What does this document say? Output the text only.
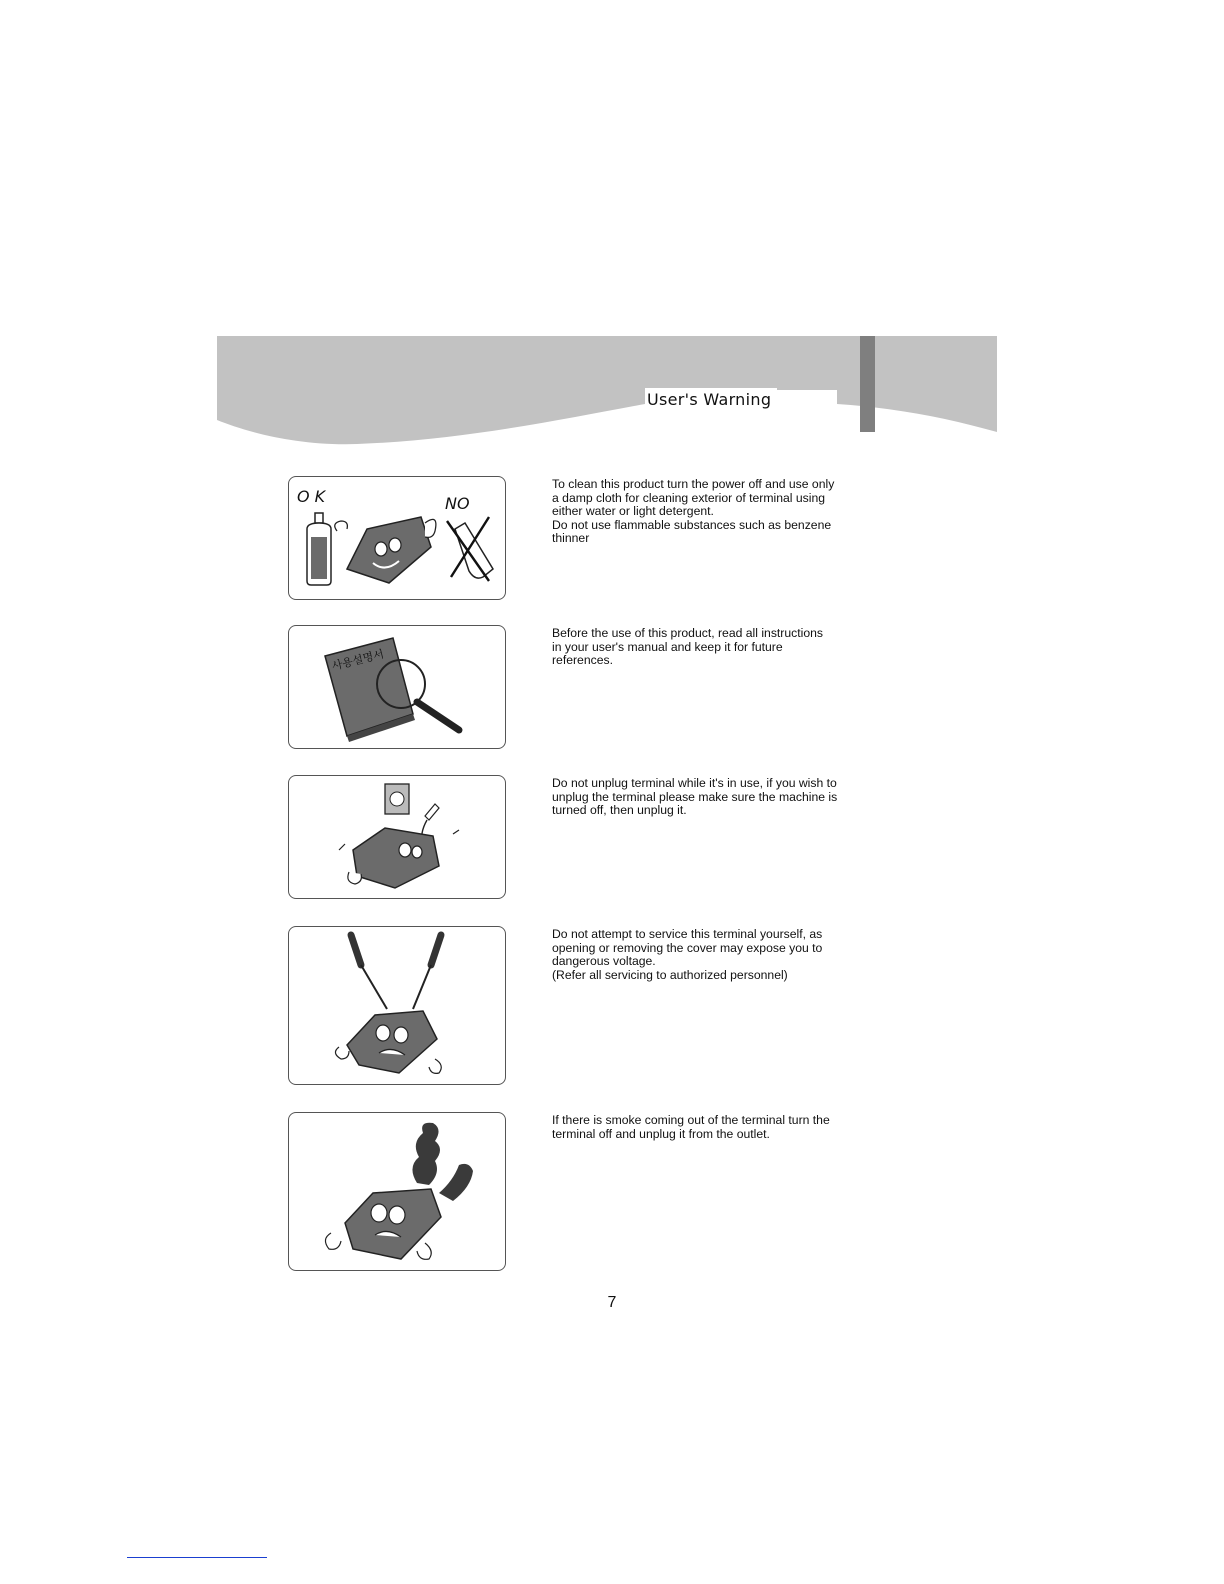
User's Warning
O K	NO
To clean this product turn the power off and use only
a damp cloth for cleaning exterior of terminal using
either water or light detergent.
Do not use flammable substances such as benzene
thinner
사용설명서
Before the use of this product, read all instructions
in your user's manual and keep it for future
references.
Do not unplug terminal while it's in use, if you wish to
unplug the terminal please make sure the machine is
turned off, then unplug it.
Do not attempt to service this terminal yourself, as
opening or removing the cover may expose you to
dangerous voltage.
(Refer all servicing to authorized personnel)
If there is smoke coming out of the terminal turn the
terminal off and unplug it from the outlet.
7
